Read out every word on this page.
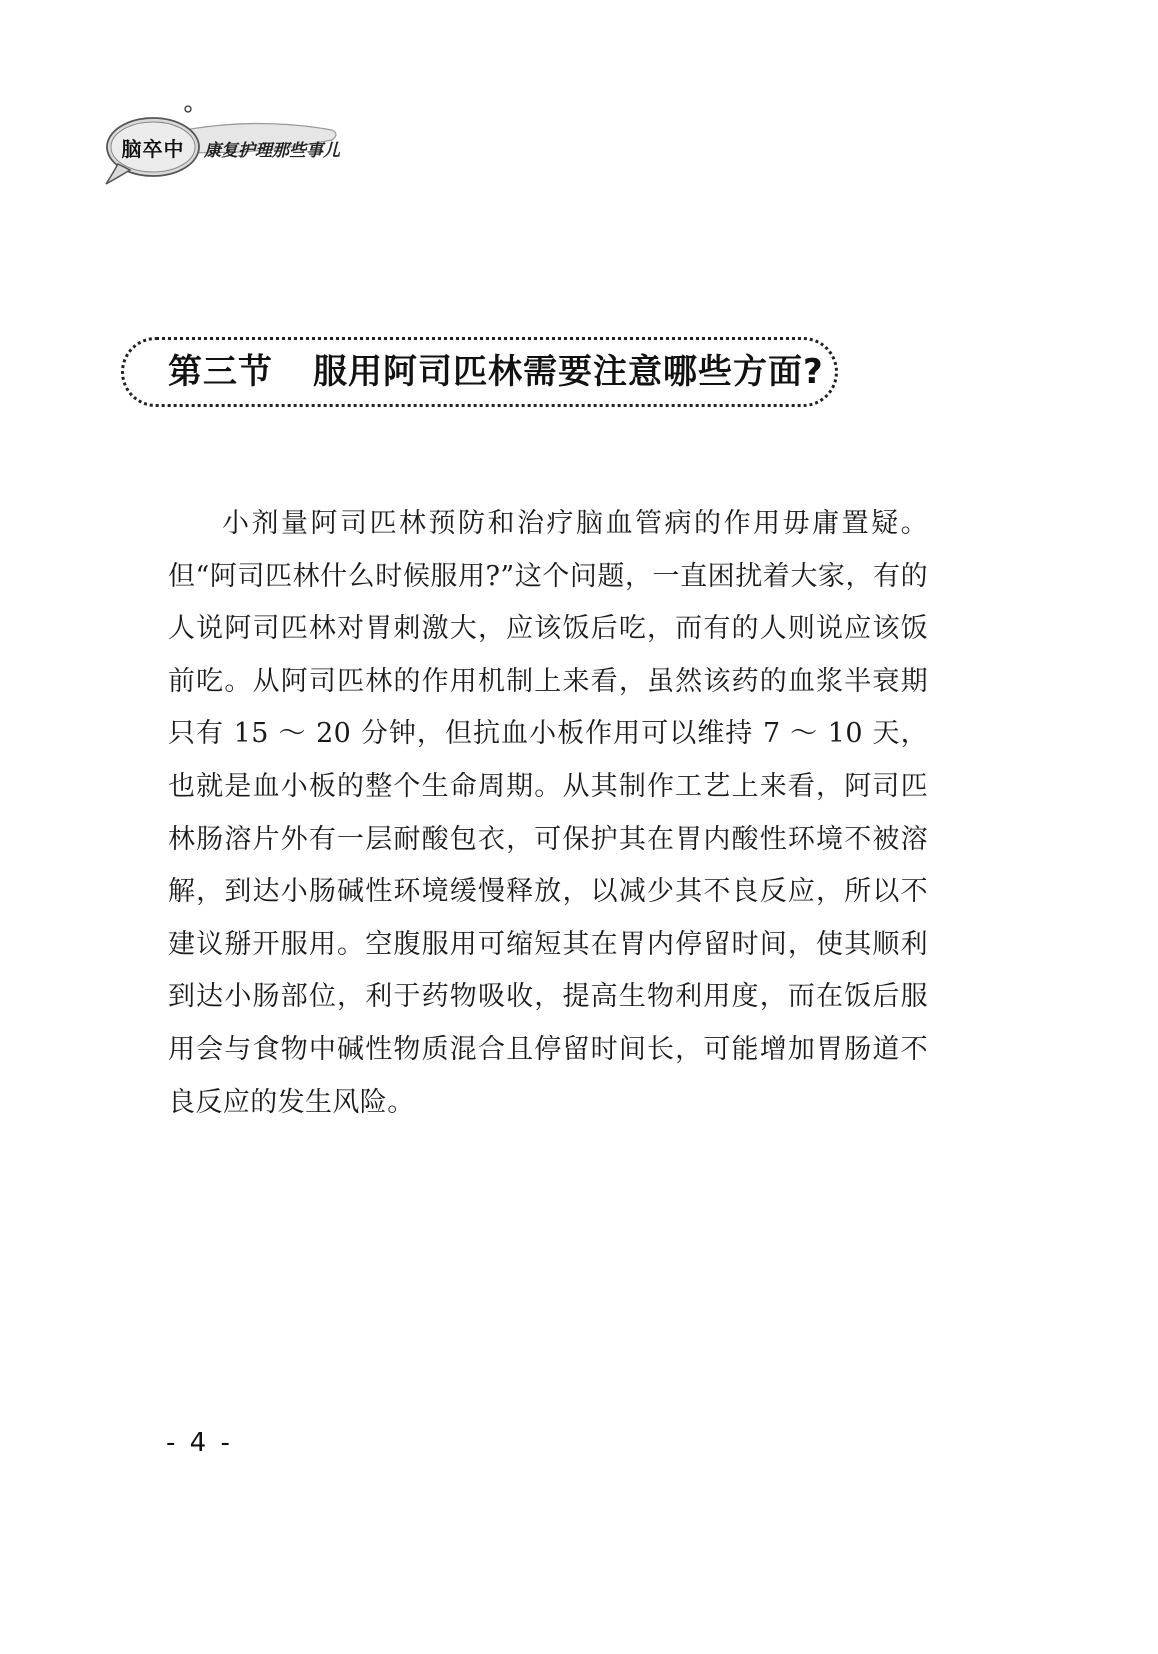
脑卒中	康复护理那些事儿
第三节 服用阿司匹林需要注意哪些方面?

小剂量阿司匹林预防和治疗脑血管病的作用毋庸置疑。但“阿司匹林什么时候服用?”这个问题，一直困扰着大家，有的人说阿司匹林对胃刺激大，应该饭后吃，而有的人则说应该饭前吃。从阿司匹林的作用机制上来看，虽然该药的血浆半衰期只有 15 ～ 20 分钟，但抗血小板作用可以维持 7 ～ 10 天，也就是血小板的整个生命周期。从其制作工艺上来看，阿司匹林肠溶片外有一层耐酸包衣，可保护其在胃内酸性环境不被溶解，到达小肠碱性环境缓慢释放，以减少其不良反应，所以不建议掰开服用。空腹服用可缩短其在胃内停留时间，使其顺利到达小肠部位，利于药物吸收，提高生物利用度，而在饭后服用会与食物中碱性物质混合且停留时间长，可能增加胃肠道不良反应的发生风险。

- 4 -
